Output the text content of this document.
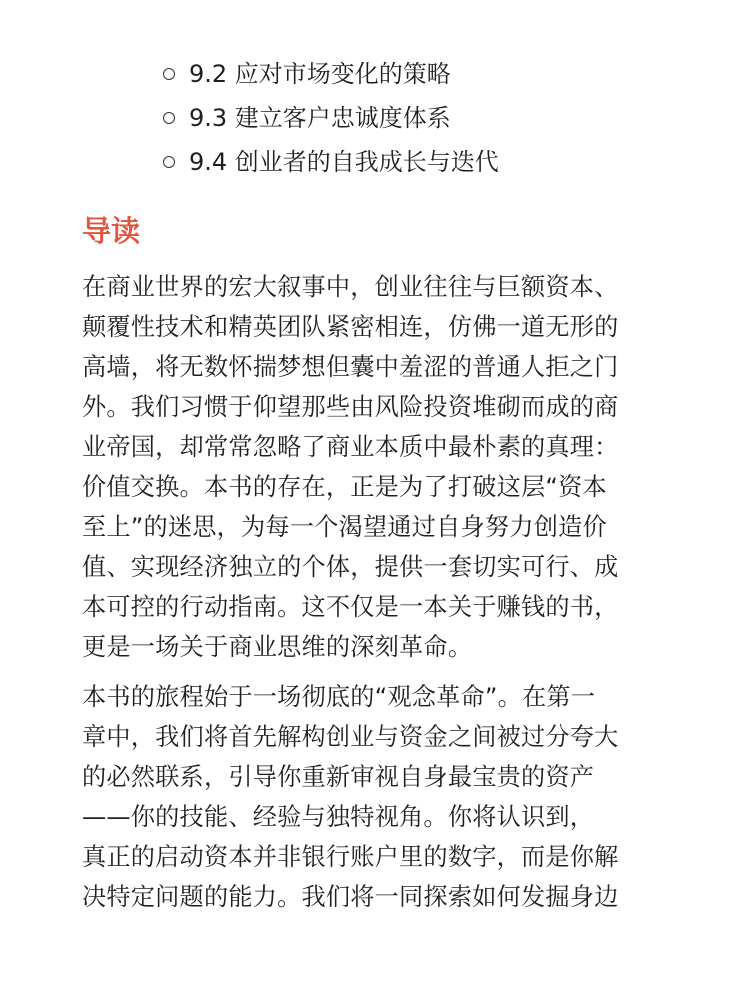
9.2 应对市场变化的策略
9.3 建立客户忠诚度体系
9.4 创业者的自我成长与迭代
导读

在商业世界的宏大叙事中，创业往往与巨额资本、
颠覆性技术和精英团队紧密相连，仿佛一道无形的
高墙，将无数怀揣梦想但囊中羞涩的普通人拒之门
外。我们习惯于仰望那些由风险投资堆砌而成的商
业帝国，却常常忽略了商业本质中最朴素的真理：
价值交换。本书的存在，正是为了打破这层“资本
至上”的迷思，为每一个渴望通过自身努力创造价
值、实现经济独立的个体，提供一套切实可行、成
本可控的行动指南。这不仅是一本关于赚钱的书，
更是一场关于商业思维的深刻革命。

本书的旅程始于一场彻底的“观念革命”。在第一
章中，我们将首先解构创业与资金之间被过分夸大
的必然联系，引导你重新审视自身最宝贵的资产
——你的技能、经验与独特视角。你将认识到，
真正的启动资本并非银行账户里的数字，而是你解
决特定问题的能力。我们将一同探索如何发掘身边
